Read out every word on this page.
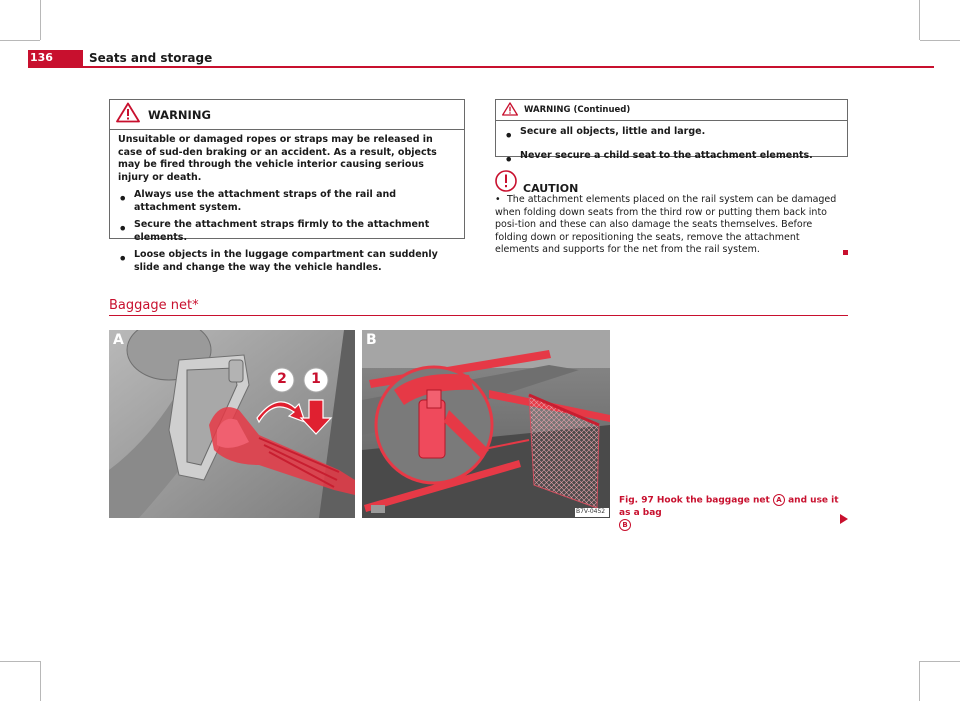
136	Seats and storage
WARNING

Unsuitable or damaged ropes or straps may be released in case of sud-den braking or an accident. As a result, objects may be fired through the vehicle interior causing serious injury or death.

• Always use the attachment straps of the rail and attachment system.

• Secure the attachment straps firmly to the attachment elements.

• Loose objects in the luggage compartment can suddenly slide and change the way the vehicle handles.

WARNING (Continued)
• Secure all objects, little and large.

• Never secure a child seat to the attachment elements.

CAUTION
• The attachment elements placed on the rail system can be damaged when folding down seats from the third row or putting them back into posi-tion and these can also damage the seats themselves. Before folding down or repositioning the seats, remove the attachment elements and supports for the net from the rail system.
Baggage net*
A	B
2 1
B7V-0452
Fig. 97 Hook the baggage net A and use it as a bag
B
